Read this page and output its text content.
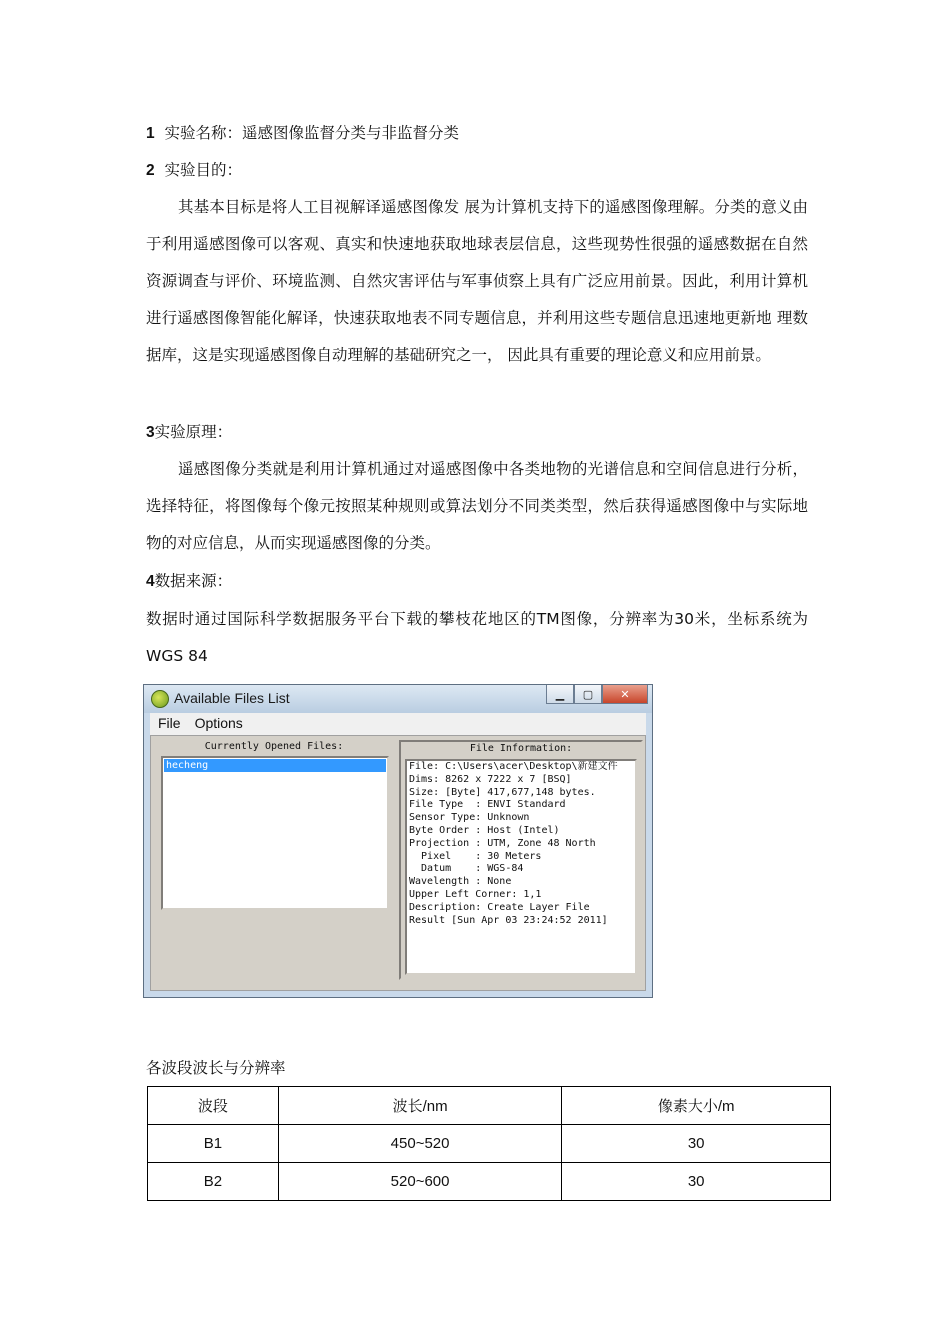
1 实验名称：遥感图像监督分类与非监督分类

2 实验目的：

其基本目标是将人工目视解译遥感图像发 展为计算机支持下的遥感图像理解。分类的意义由于利用遥感图像可以客观、真实和快速地获取地球表层信息，这些现势性很强的遥感数据在自然资源调查与评价、环境监测、自然灾害评估与军事侦察上具有广泛应用前景。因此，利用计算机进行遥感图像智能化解译，快速获取地表不同专题信息，并利用这些专题信息迅速地更新地 理数据库，这是实现遥感图像自动理解的基础研究之一， 因此具有重要的理论意义和应用前景。

3实验原理：

遥感图像分类就是利用计算机通过对遥感图像中各类地物的光谱信息和空间信息进行分析，选择特征，将图像每个像元按照某种规则或算法划分不同类类型，然后获得遥感图像中与实际地物的对应信息，从而实现遥感图像的分类。

4数据来源：

数据时通过国际科学数据服务平台下载的攀枝花地区的TM图像，分辨率为30米，坐标系统为WGS 84

Available Files List	▁ ▢ ✕
File Options
Currently Opened Files:
hecheng
File Information:
File: C:\Users\acer\Desktop\新建文件
Dims: 8262 x 7222 x 7 [BSQ]
Size: [Byte] 417,677,148 bytes.
File Type  : ENVI Standard
Sensor Type: Unknown
Byte Order : Host (Intel)
Projection : UTM, Zone 48 North
Pixel    : 30 Meters
Datum    : WGS-84
Wavelength : None
Upper Left Corner: 1,1
Description: Create Layer File
Result [Sun Apr 03 23:24:52 2011]
各波段波长与分辨率
波段	波长/nm	像素大小/m
B1	450~520	30
B2	520~600	30
